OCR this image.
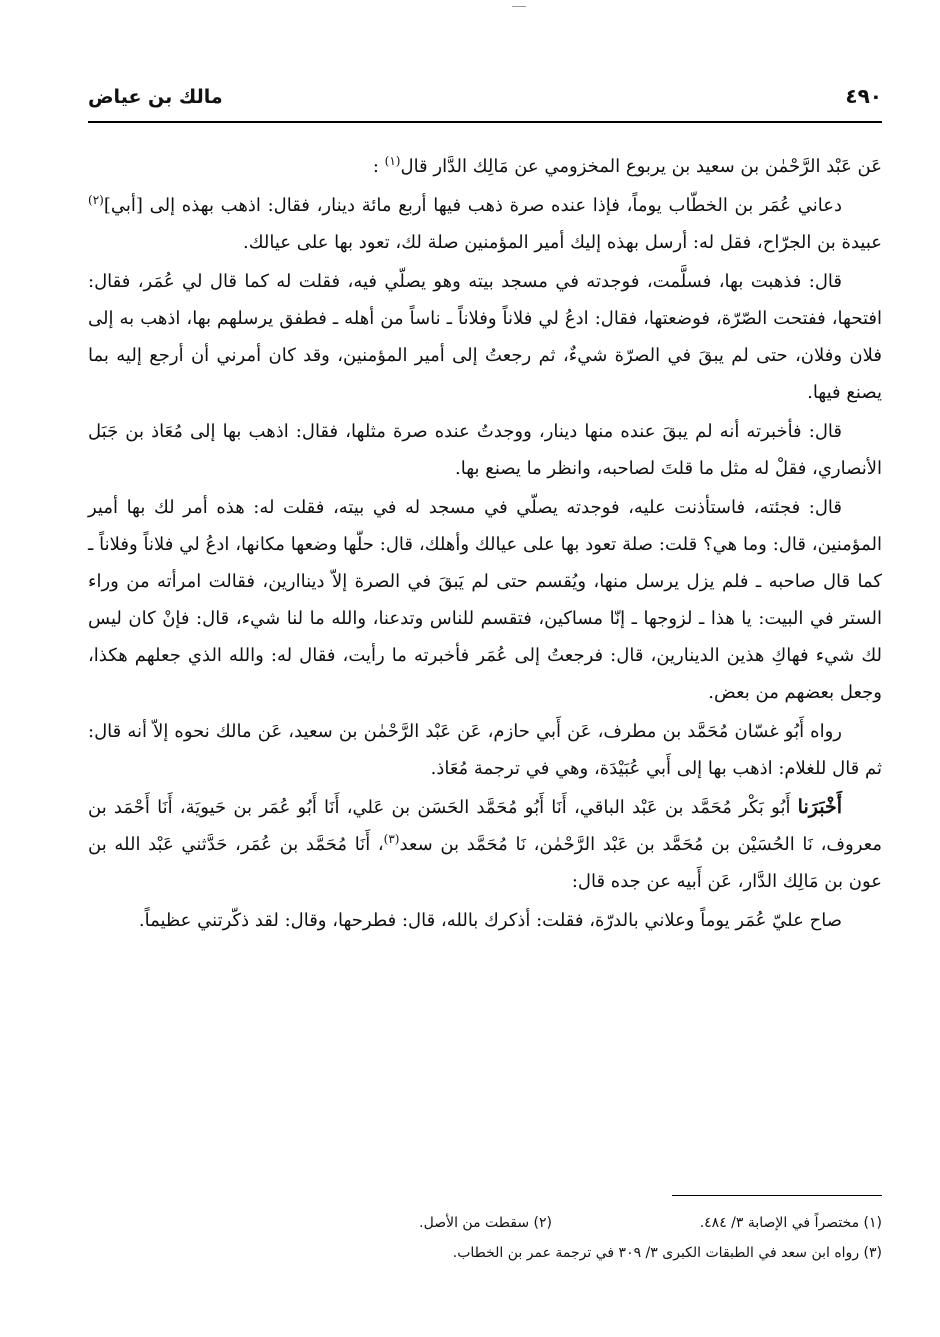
٤٩٠
مالك بن عياض

عَن عَبْد الرَّحْمٰن بن سعيد بن يربوع المخزومي عن مَالِك الدَّار قال$^{(١)}$ :

دعاني عُمَر بن الخطّاب يوماً، فإذا عنده صرة ذهب فيها أربع مائة دينار، فقال: اذهب بهذه إلى [أبي]$^{(٢)}$ عبيدة بن الجرّاح، فقل له: أرسل بهذه إليك أمير المؤمنين صلة لك، تعود بها على عيالك.

قال: فذهبت بها، فسلَّمت، فوجدته في مسجد بيته وهو يصلّي فيه، فقلت له كما قال لي عُمَر، فقال: افتحها، ففتحت الصّرّة، فوضعتها، فقال: ادعُ لي فلاناً وفلاناً ـ ناساً من أهله ـ فطفق يرسلهم بها، اذهب به إلى فلان وفلان، حتى لم يبقَ في الصرّة شيءٌ، ثم رجعتُ إلى أمير المؤمنين، وقد كان أمرني أن أرجع إليه بما يصنع فيها.

قال: فأخبرته أنه لم يبقَ عنده منها دينار، ووجدتُ عنده صرة مثلها، فقال: اذهب بها إلى مُعَاذ بن جَبَل الأنصاري، فقلْ له مثل ما قلتَ لصاحبه، وانظر ما يصنع بها.

قال: فجئته، فاستأذنت عليه، فوجدته يصلّي في مسجد له في بيته، فقلت له: هذه أمر لك بها أمير المؤمنين، قال: وما هي؟ قلت: صلة تعود بها على عيالك وأهلك، قال: حلّها وضعها مكانها، ادعُ لي فلاناً وفلاناً ـ كما قال صاحبه ـ فلم يزل يرسل منها، ويُقسم حتى لم يَبقَ في الصرة إلاّ ديناارين، فقالت امرأته من وراء الستر في البيت: يا هذا ـ لزوجها ـ إنّا مساكين، فتقسم للناس وتدعنا، والله ما لنا شيء، قال: فإنْ كان ليس لك شيء فهاكِ هذين الدينارين، قال: فرجعتُ إلى عُمَر فأخبرته ما رأيت، فقال له: والله الذي جعلهم هكذا، وجعل بعضهم من بعض.

رواه أَبُو غسّان مُحَمَّد بن مطرف، عَن أَبي حازم، عَن عَبْد الرَّحْمٰن بن سعيد، عَن مالك نحوه إلاّ أنه قال: ثم قال للغلام: اذهب بها إلى أَبي عُبَيْدَة، وهي في ترجمة مُعَاذ.

أَخْبَرَنا أَبُو بَكْر مُحَمَّد بن عَبْد الباقي، أَنَا أَبُو مُحَمَّد الحَسَن بن عَلي، أَنَا أَبُو عُمَر بن حَيويَة، أَنَا أَحْمَد بن معروف، نَا الحُسَيْن بن مُحَمَّد بن عَبْد الرَّحْمٰن، نَا مُحَمَّد بن سعد$^{(٣)}$، أَنَا مُحَمَّد بن عُمَر، حَدَّثني عَبْد الله بن عون بن مَالِك الدَّار، عَن أَبيه عن جده قال:

صاح عليّ عُمَر يوماً وعلاني بالدرّة، فقلت: أذكرك بالله، قال: فطرحها، وقال: لقد ذكّرتني عظيماً.

(١) مختصراً في الإصابة ٣/ ٤٨٤.
(٢) سقطت من الأصل.
(٣) رواه ابن سعد في الطبقات الكبرى ٣/ ٣٠٩ في ترجمة عمر بن الخطاب.
